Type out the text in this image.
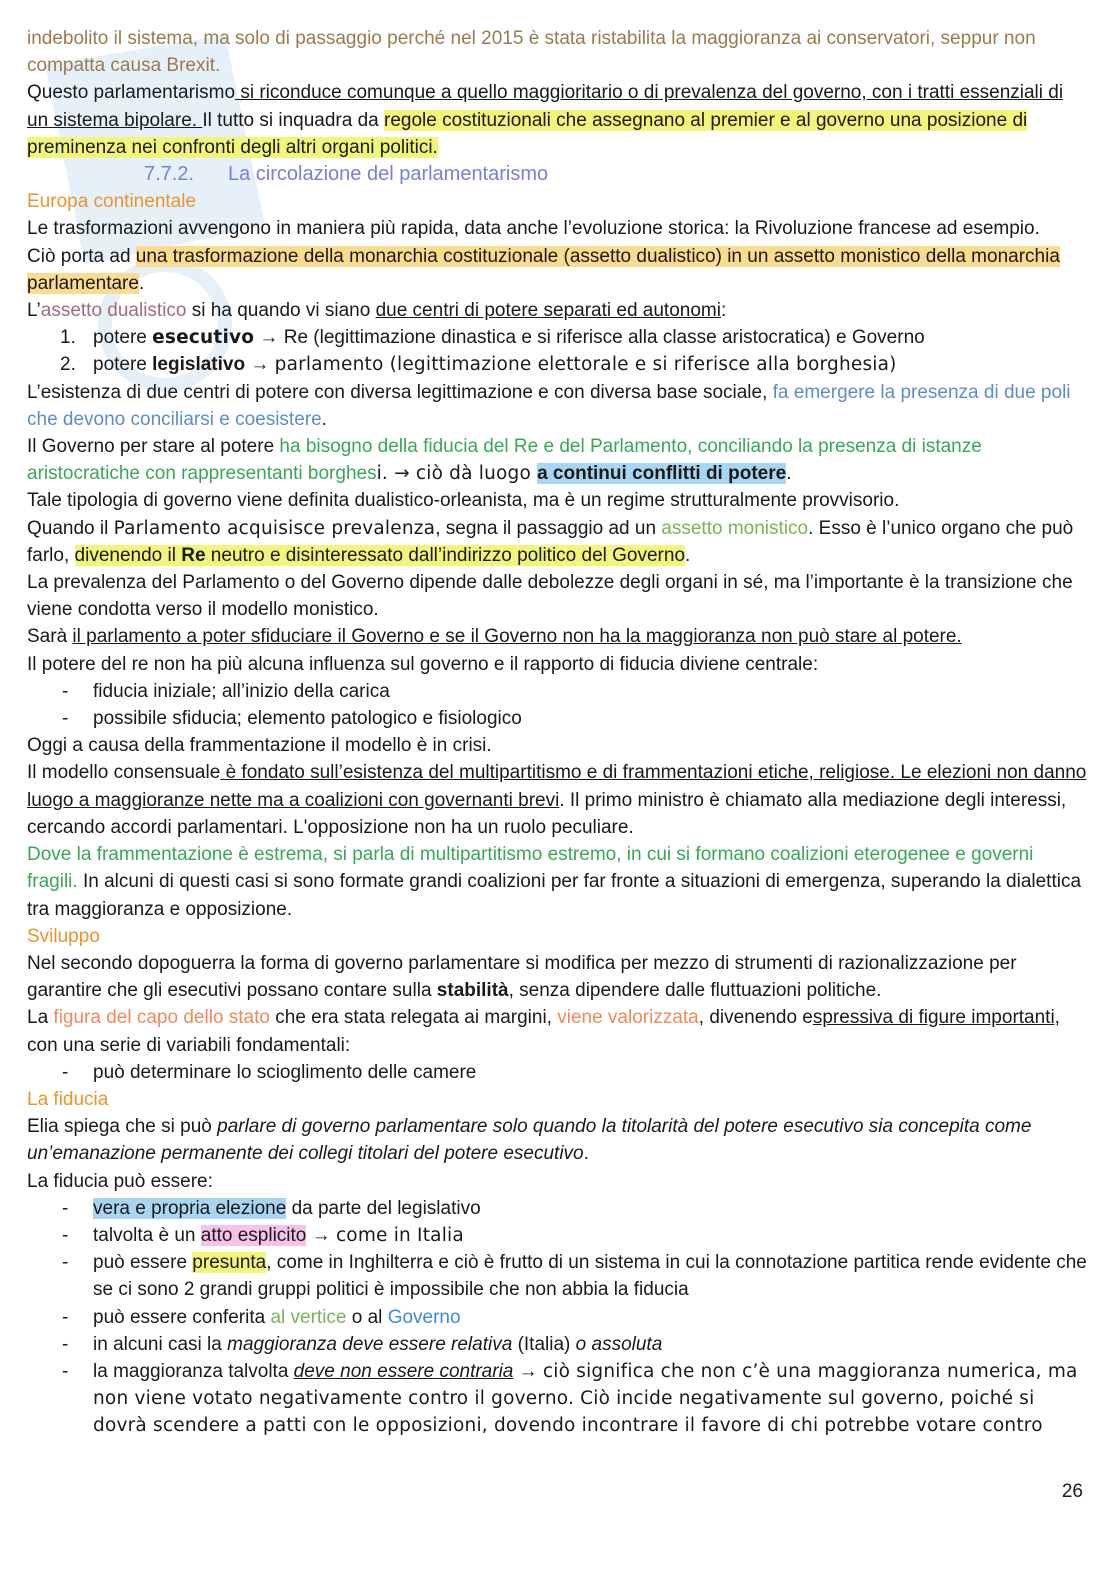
indebolito il sistema, ma solo di passaggio perché nel 2015 è stata ristabilita la maggioranza ai conservatori, seppur non compatta causa Brexit.

Questo parlamentarismo si riconduce comunque a quello maggioritario o di prevalenza del governo, con i tratti essenziali di un sistema bipolare. Il tutto si inquadra da regole costituzionali che assegnano al premier e al governo una posizione di preminenza nei confronti degli altri organi politici.

7.7.2. La circolazione del parlamentarismo

Europa continentale

Le trasformazioni avvengono in maniera più rapida, data anche l’evoluzione storica: la Rivoluzione francese ad esempio.

Ciò porta ad una trasformazione della monarchia costituzionale (assetto dualistico) in un assetto monistico della monarchia parlamentare.

L’assetto dualistico si ha quando vi siano due centri di potere separati ed autonomi:

1. potere esecutivo → Re (legittimazione dinastica e si riferisce alla classe aristocratica) e Governo

2. potere legislativo → parlamento (legittimazione elettorale e si riferisce alla borghesia)

L’esistenza di due centri di potere con diversa legittimazione e con diversa base sociale, fa emergere la presenza di due poli che devono conciliarsi e coesistere.

Il Governo per stare al potere ha bisogno della fiducia del Re e del Parlamento, conciliando la presenza di istanze aristocratiche con rappresentanti borghesi. → ciò dà luogo a continui conflitti di potere.

Tale tipologia di governo viene definita dualistico-orleanista, ma è un regime strutturalmente provvisorio.

Quando il Parlamento acquisisce prevalenza, segna il passaggio ad un assetto monistico. Esso è l’unico organo che può farlo, divenendo il Re neutro e disinteressato dall’indirizzo politico del Governo.

La prevalenza del Parlamento o del Governo dipende dalle debolezze degli organi in sé, ma l’importante è la transizione che viene condotta verso il modello monistico.

Sarà il parlamento a poter sfiduciare il Governo e se il Governo non ha la maggioranza non può stare al potere.

Il potere del re non ha più alcuna influenza sul governo e il rapporto di fiducia diviene centrale:

- fiducia iniziale; all’inizio della carica

- possibile sfiducia; elemento patologico e fisiologico

Oggi a causa della frammentazione il modello è in crisi.

Il modello consensuale è fondato sull’esistenza del multipartitismo e di frammentazioni etiche, religiose. Le elezioni non danno luogo a maggioranze nette ma a coalizioni con governanti brevi. Il primo ministro è chiamato alla mediazione degli interessi, cercando accordi parlamentari. L'opposizione non ha un ruolo peculiare.

Dove la frammentazione è estrema, si parla di multipartitismo estremo, in cui si formano coalizioni eterogenee e governi fragili. In alcuni di questi casi si sono formate grandi coalizioni per far fronte a situazioni di emergenza, superando la dialettica tra maggioranza e opposizione.

Sviluppo

Nel secondo dopoguerra la forma di governo parlamentare si modifica per mezzo di strumenti di razionalizzazione per garantire che gli esecutivi possano contare sulla stabilità, senza dipendere dalle fluttuazioni politiche.

La figura del capo dello stato che era stata relegata ai margini, viene valorizzata, divenendo espressiva di figure importanti, con una serie di variabili fondamentali:

- può determinare lo scioglimento delle camere

La fiducia

Elia spiega che si può parlare di governo parlamentare solo quando la titolarità del potere esecutivo sia concepita come un’emanazione permanente dei collegi titolari del potere esecutivo.

La fiducia può essere:

- vera e propria elezione da parte del legislativo

- talvolta è un atto esplicito → come in Italia

- può essere presunta, come in Inghilterra e ciò è frutto di un sistema in cui la connotazione partitica rende evidente che se ci sono 2 grandi gruppi politici è impossibile che non abbia la fiducia

- può essere conferita al vertice o al Governo

- in alcuni casi la maggioranza deve essere relativa (Italia) o assoluta

- la maggioranza talvolta deve non essere contraria → ciò significa che non c’è una maggioranza numerica, ma non viene votato negativamente contro il governo. Ciò incide negativamente sul governo, poiché si dovrà scendere a patti con le opposizioni, dovendo incontrare il favore di chi potrebbe votare contro

26
